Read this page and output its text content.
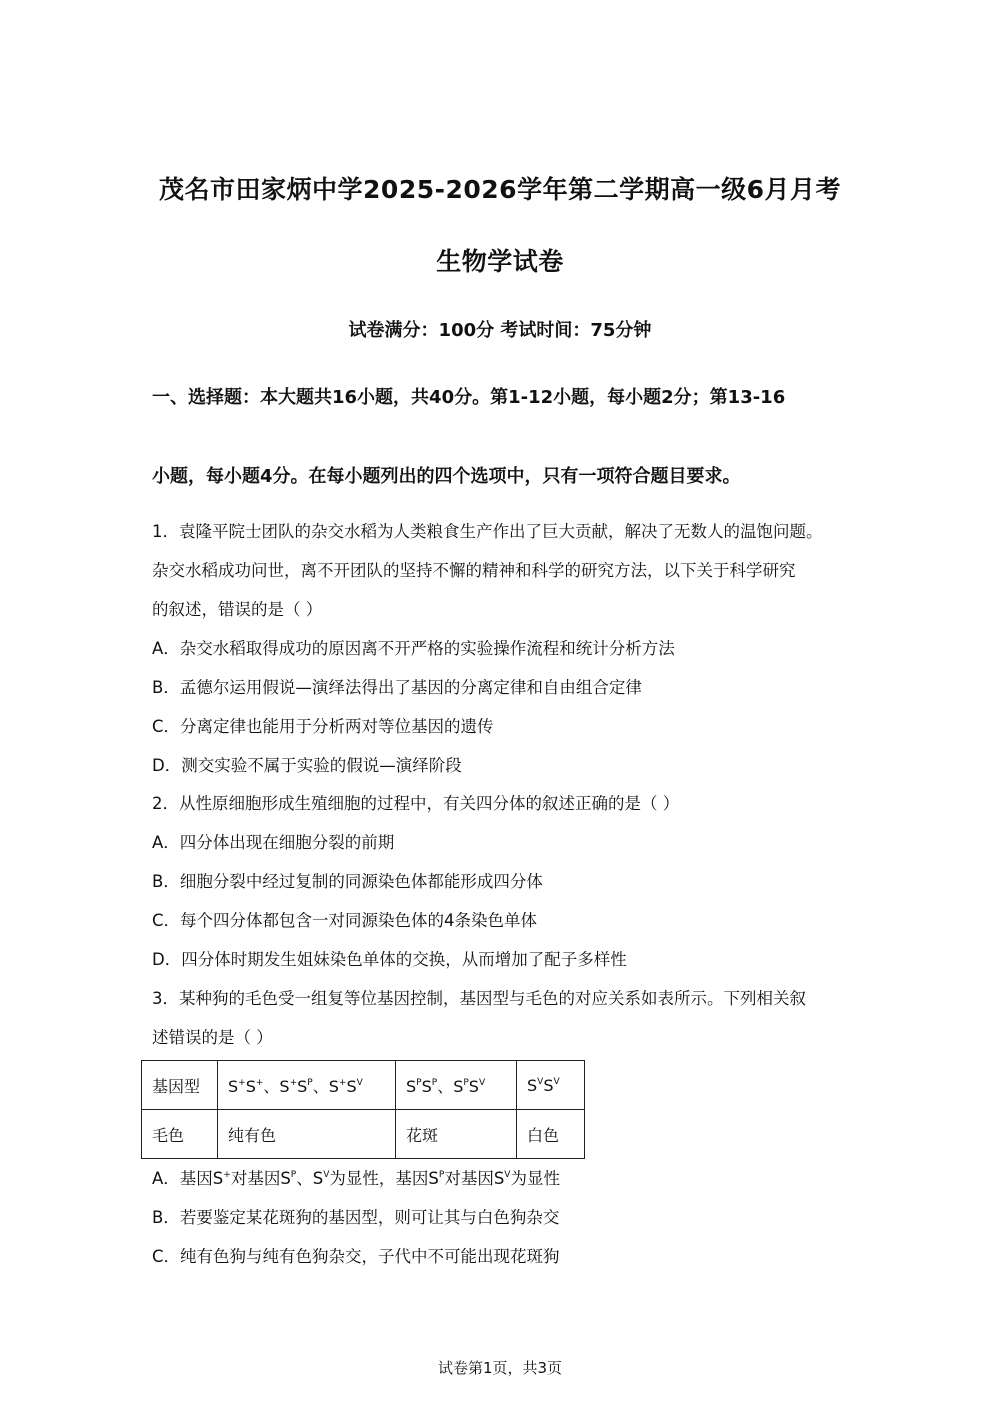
茂名市田家炳中学2025-2026学年第二学期高一级6月月考
生物学试卷
试卷满分：100分 考试时间：75分钟
一、选择题：本大题共16小题，共40分。第1-12小题，每小题2分；第13-16
小题，每小题4分。在每小题列出的四个选项中，只有一项符合题目要求。
1．袁隆平院士团队的杂交水稻为人类粮食生产作出了巨大贡献，解决了无数人的温饱问题。
杂交水稻成功问世，离不开团队的坚持不懈的精神和科学的研究方法，以下关于科学研究
的叙述，错误的是（ ）
A．杂交水稻取得成功的原因离不开严格的实验操作流程和统计分析方法
B．孟德尔运用假说—演绎法得出了基因的分离定律和自由组合定律
C．分离定律也能用于分析两对等位基因的遗传
D．测交实验不属于实验的假说—演绎阶段
2．从性原细胞形成生殖细胞的过程中，有关四分体的叙述正确的是（ ）
A．四分体出现在细胞分裂的前期
B．细胞分裂中经过复制的同源染色体都能形成四分体
C．每个四分体都包含一对同源染色体的4条染色单体
D．四分体时期发生姐妹染色单体的交换，从而增加了配子多样性
3．某种狗的毛色受一组复等位基因控制，基因型与毛色的对应关系如表所示。下列相关叙
述错误的是（ ）
基因型	S+S+、$S^+S^P$、$S^+S^V$	$S^PS^P$、$S^PS^V$	$S^VS^V$
毛色	纯有色	花斑	白色
A．基因S+对基因$S^P$、$S^V$为显性，基因$S^P$对基因$S^V$为显性
B．若要鉴定某花斑狗的基因型，则可让其与白色狗杂交
C．纯有色狗与纯有色狗杂交，子代中不可能出现花斑狗
试卷第1页，共3页
